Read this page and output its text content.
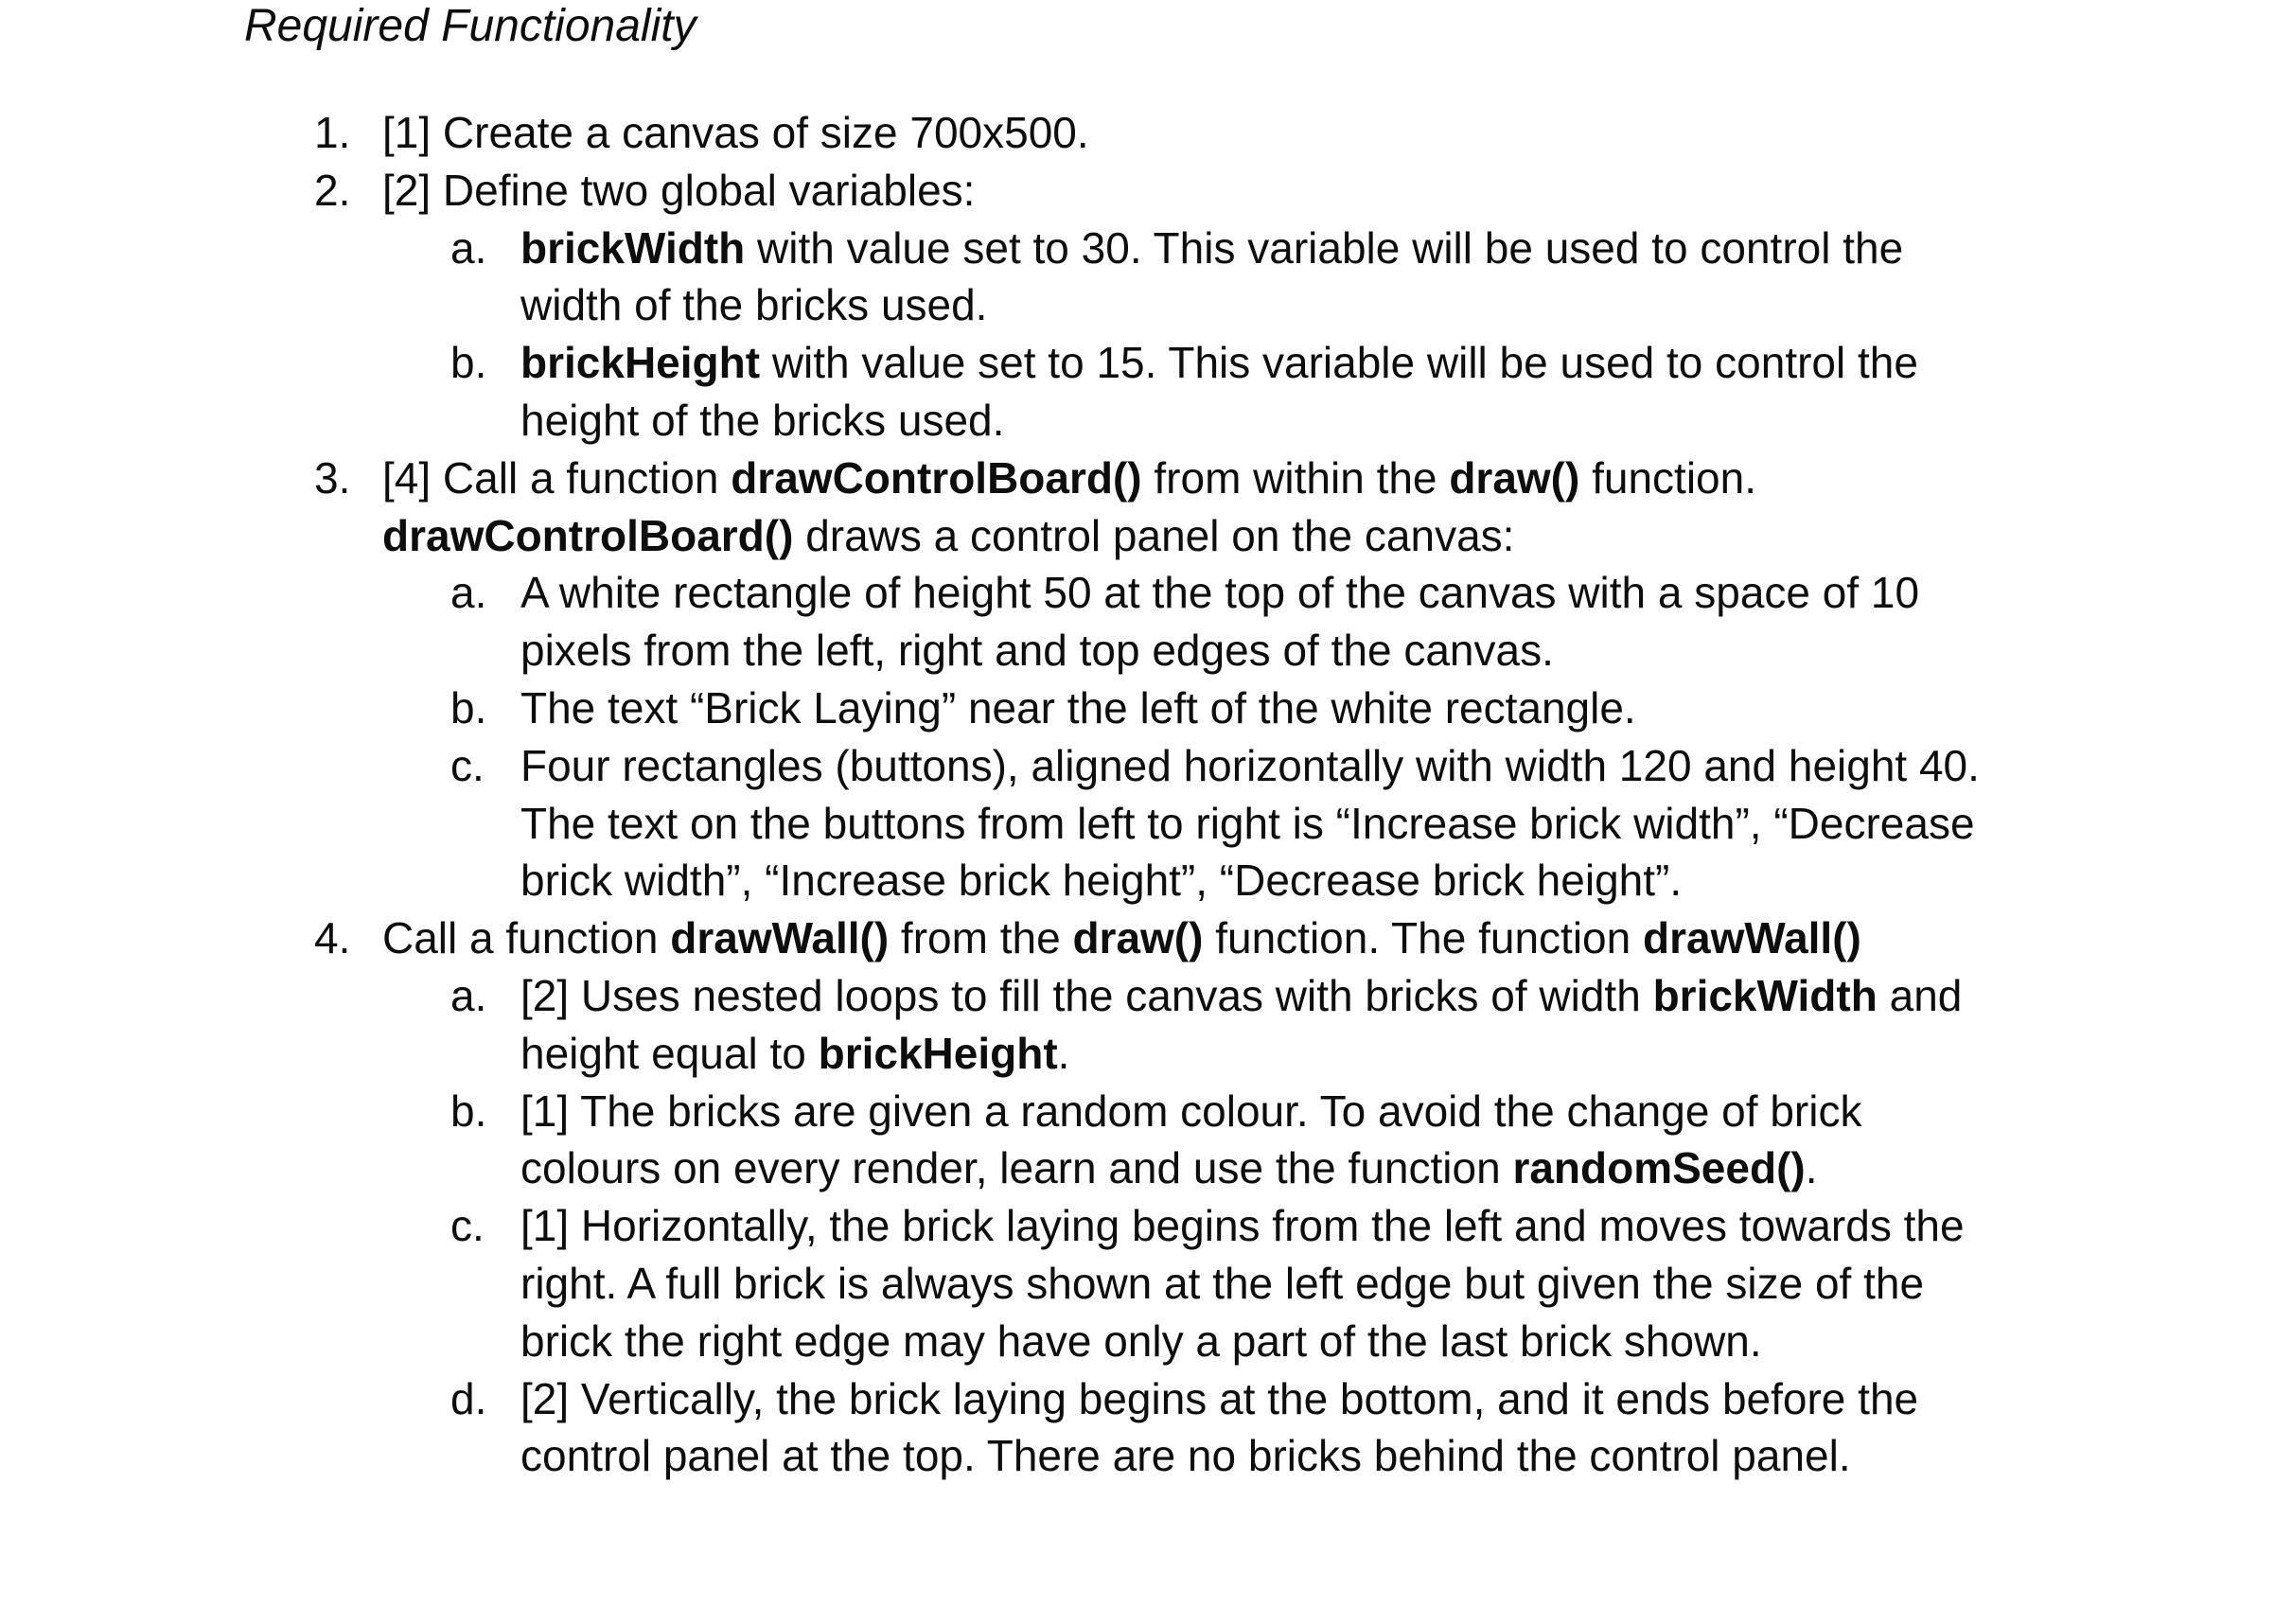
Required Functionality
1. [1] Create a canvas of size 700x500.
2. [2] Define two global variables:
a. brickWidth with value set to 30. This variable will be used to control the
width of the bricks used.
b. brickHeight with value set to 15. This variable will be used to control the
height of the bricks used.
3. [4] Call a function drawControlBoard() from within the draw() function.
drawControlBoard() draws a control panel on the canvas:
a. A white rectangle of height 50 at the top of the canvas with a space of 10
pixels from the left, right and top edges of the canvas.
b. The text “Brick Laying” near the left of the white rectangle.
c. Four rectangles (buttons), aligned horizontally with width 120 and height 40.
The text on the buttons from left to right is “Increase brick width”, “Decrease
brick width”, “Increase brick height”, “Decrease brick height”.
4. Call a function drawWall() from the draw() function. The function drawWall()
a. [2] Uses nested loops to fill the canvas with bricks of width brickWidth and
height equal to brickHeight.
b. [1] The bricks are given a random colour. To avoid the change of brick
colours on every render, learn and use the function randomSeed().
c. [1] Horizontally, the brick laying begins from the left and moves towards the
right. A full brick is always shown at the left edge but given the size of the
brick the right edge may have only a part of the last brick shown.
d. [2] Vertically, the brick laying begins at the bottom, and it ends before the
control panel at the top. There are no bricks behind the control panel.
